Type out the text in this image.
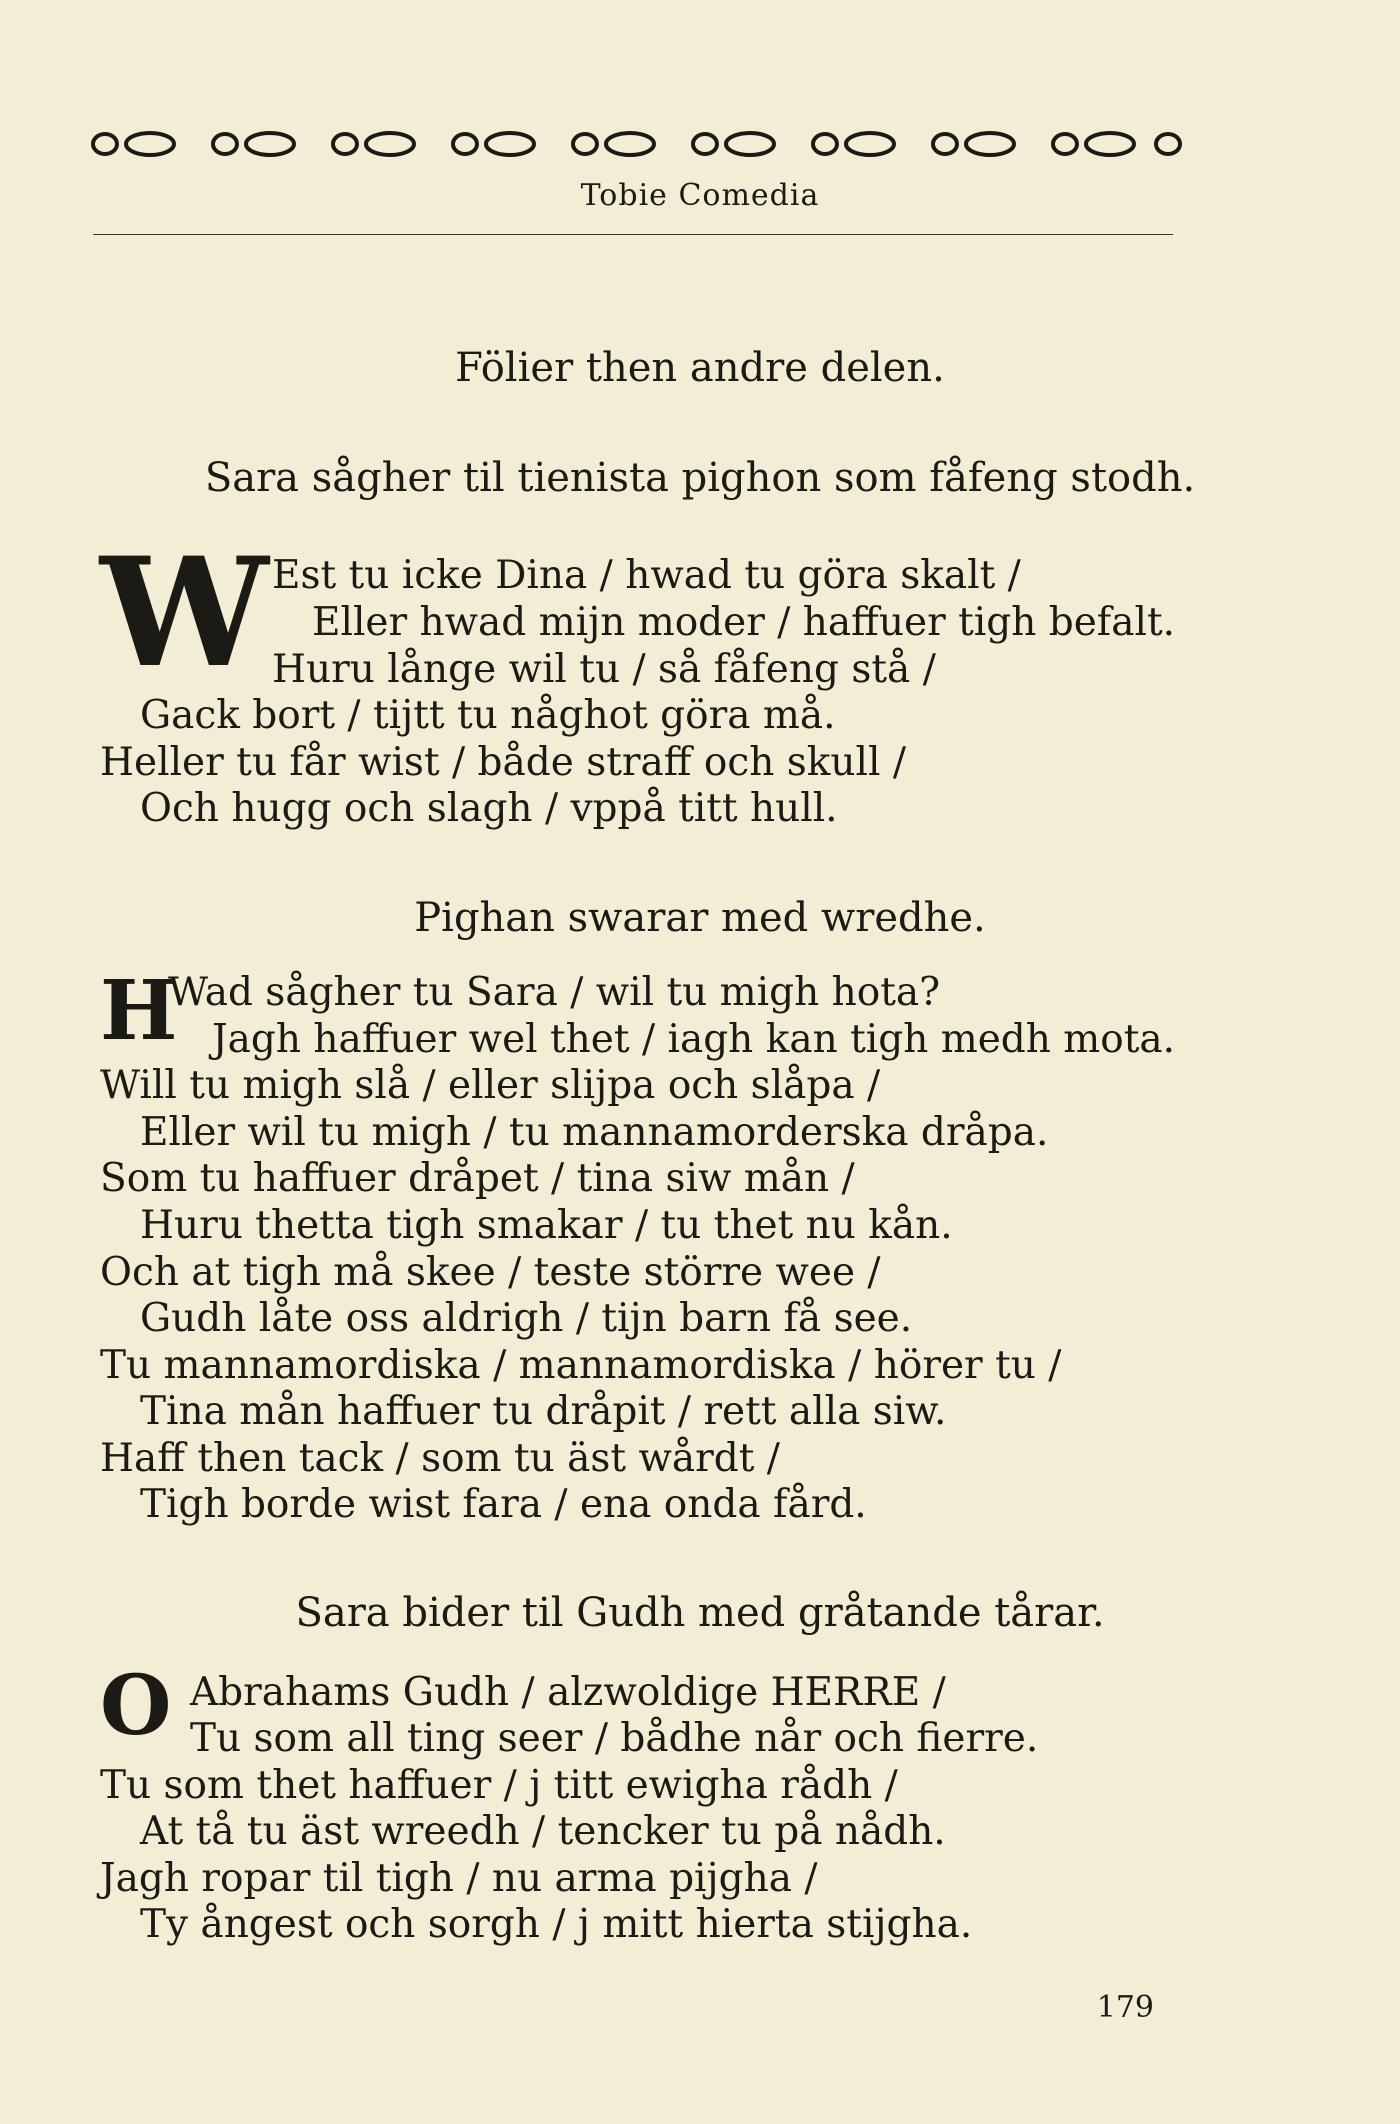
Tobie Comedia
Fölier then andre delen.
Sara sågher til tienista pighon som fåfeng stodh.
W Est tu icke Dina / hwad tu göra skalt /
Eller hwad mijn moder / haffuer tigh befalt.
Huru långe wil tu / så fåfeng stå /
Gack bort / tijtt tu någhot göra må.
Heller tu får wist / både straff och skull /
Och hugg och slagh / vppå titt hull.
Pighan swarar med wredhe.
H
Wad sågher tu Sara / wil tu migh hota?
Jagh haffuer wel thet / iagh kan tigh medh mota.
Will tu migh slå / eller slijpa och slåpa /
Eller wil tu migh / tu mannamorderska dråpa.
Som tu haffuer dråpet / tina siw mån /
Huru thetta tigh smakar / tu thet nu kån.
Och at tigh må skee / teste större wee /
Gudh låte oss aldrigh / tijn barn få see.
Tu mannamordiska / mannamordiska / hörer tu /
Tina mån haffuer tu dråpit / rett alla siw.
Haff then tack / som tu äst wårdt /
Tigh borde wist fara / ena onda fård.
Sara bider til Gudh med gråtande tårar.
O Abrahams Gudh / alzwoldige HERRE /
Tu som all ting seer / bådhe når och fierre.
Tu som thet haffuer / j titt ewigha rådh /
At tå tu äst wreedh / tencker tu på nådh.
Jagh ropar til tigh / nu arma pijgha /
Ty ångest och sorgh / j mitt hierta stijgha.
179
